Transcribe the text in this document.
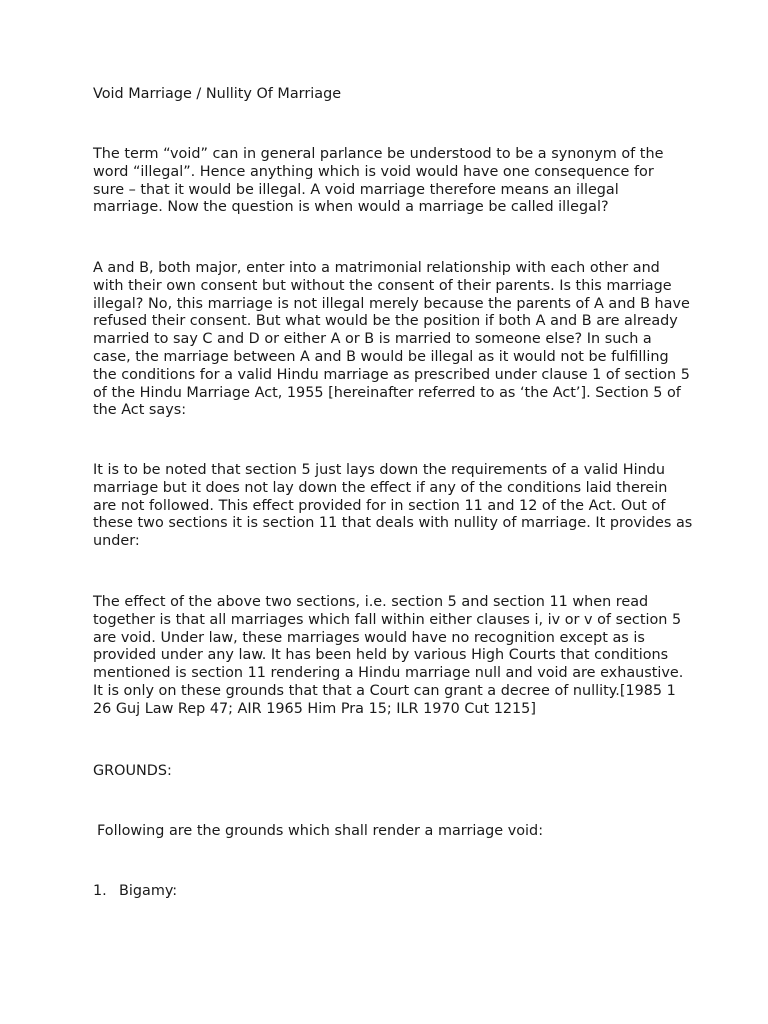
Void Marriage / Nullity Of Marriage

The term “void” can in general parlance be understood to be a synonym of the word “illegal”. Hence anything which is void would have one consequence for sure – that it would be illegal. A void marriage therefore means an illegal marriage. Now the question is when would a marriage be called illegal?

A and B, both major, enter into a matrimonial relationship with each other and with their own consent but without the consent of their parents. Is this marriage illegal? No, this marriage is not illegal merely because the parents of A and B have refused their consent. But what would be the position if both A and B are already married to say C and D or either A or B is married to someone else? In such a case, the marriage between A and B would be illegal as it would not be fulfilling the conditions for a valid Hindu marriage as prescribed under clause 1 of section 5 of the Hindu Marriage Act, 1955 [hereinafter referred to as ‘the Act’]. Section 5 of the Act says:

It is to be noted that section 5 just lays down the requirements of a valid Hindu marriage but it does not lay down the effect if any of the conditions laid therein are not followed. This effect provided for in section 11 and 12 of the Act. Out of these two sections it is section 11 that deals with nullity of marriage. It provides as under:

The effect of the above two sections, i.e. section 5 and section 11 when read together is that all marriages which fall within either clauses i, iv or v of section 5 are void. Under law, these marriages would have no recognition except as is provided under any law. It has been held by various High Courts that conditions mentioned is section 11 rendering a Hindu marriage null and void are exhaustive. It is only on these grounds that that a Court can grant a decree of nullity.[1985 1 26 Guj Law Rep 47; AIR 1965 Him Pra 15; ILR 1970 Cut 1215]

GROUNDS:

Following are the grounds which shall render a marriage void:

1. Bigamy:
